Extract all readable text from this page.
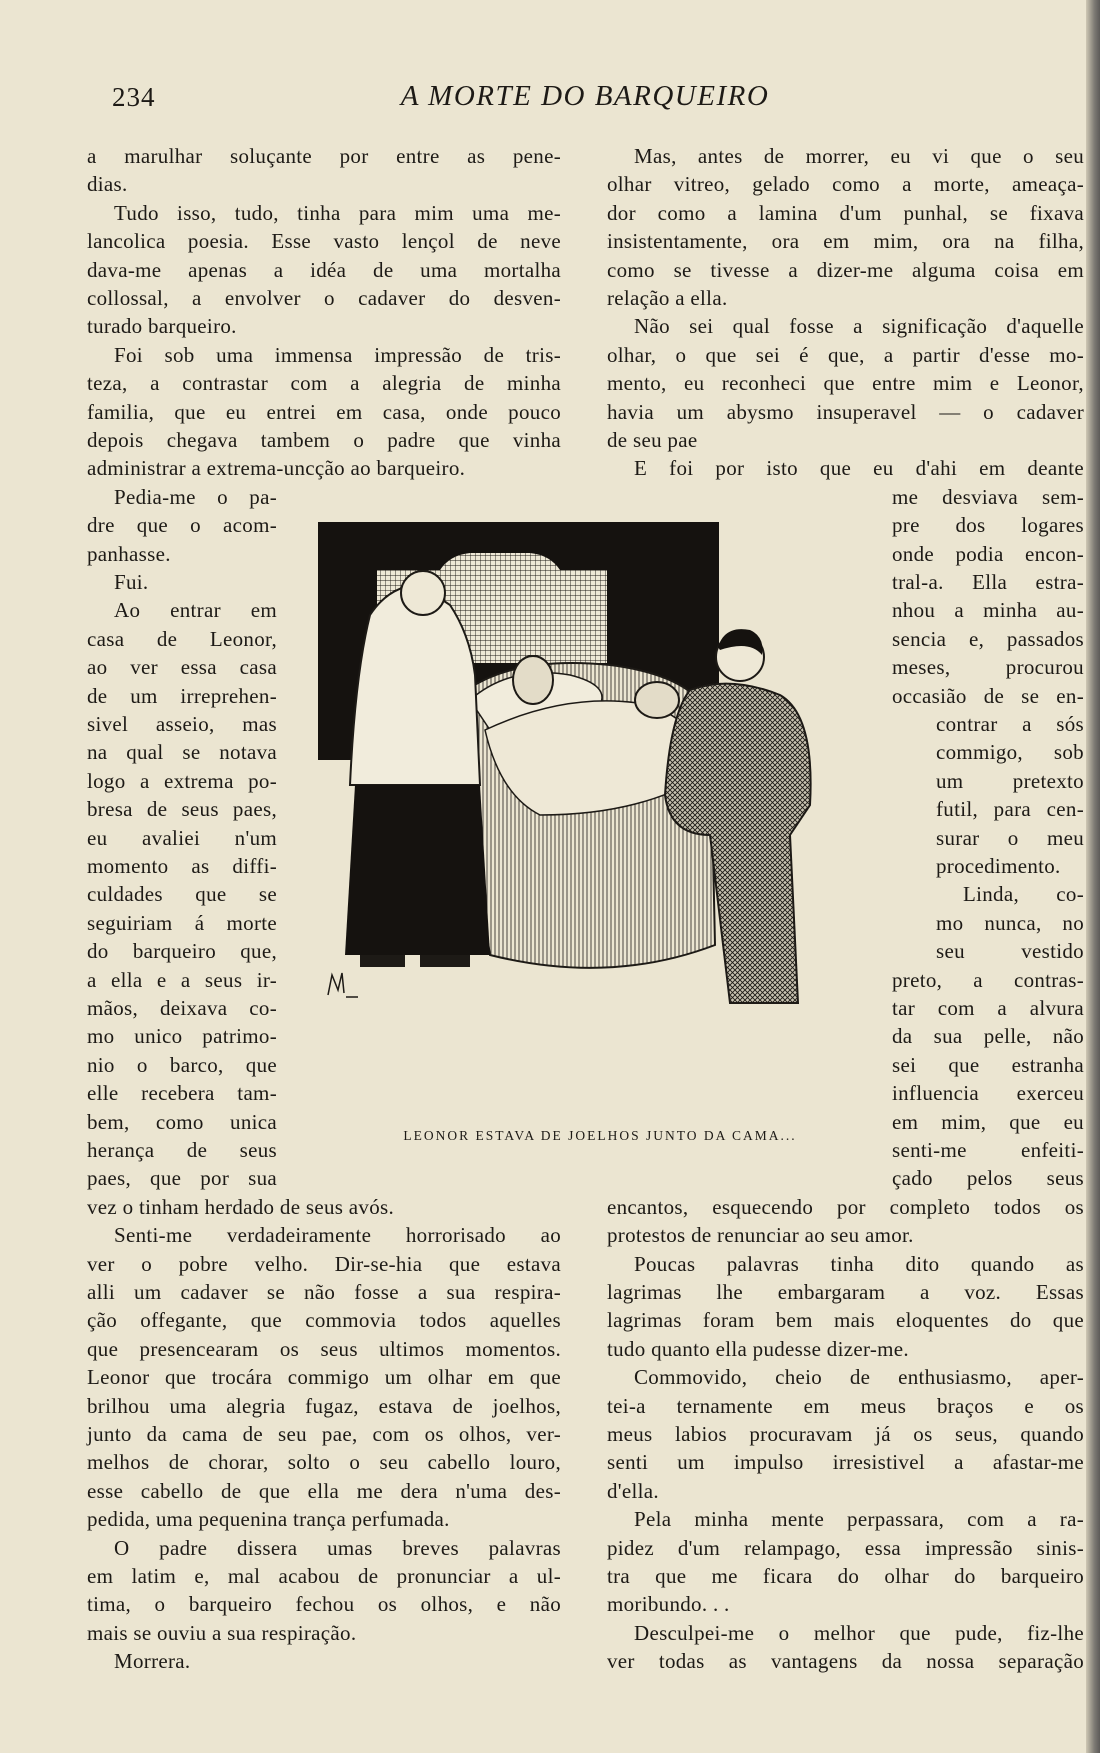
234	A MORTE DO BARQUEIRO
a marulhar soluçante por entre as pene-
dias.
Tudo isso, tudo, tinha para mim uma me-
lancolica poesia. Esse vasto lençol de neve
dava-me apenas a idéa de uma mortalha
collossal, a envolver o cadaver do desven-
turado barqueiro.
Foi sob uma immensa impressão de tris-
teza, a contrastar com a alegria de minha
familia, que eu entrei em casa, onde pouco
depois chegava tambem o padre que vinha
administrar a extrema-uncção ao barqueiro.
Pedia-me o pa-
dre que o acom-
panhasse.
Fui.
Ao entrar em
casa de Leonor,
ao ver essa casa
de um irreprehen-
sivel asseio, mas
na qual se notava
logo a extrema po-
bresa de seus paes,
eu avaliei n'um
momento as diffi-
culdades que se
seguiriam á morte
do barqueiro que,
a ella e a seus ir-
mãos, deixava co-
mo unico patrimo-
nio o barco, que
elle recebera tam-
bem, como unica
herança de seus
paes, que por sua
vez o tinham herdado de seus avós.
Senti-me verdadeiramente horrorisado ao
ver o pobre velho. Dir-se-hia que estava
alli um cadaver se não fosse a sua respira-
ção offegante, que commovia todos aquelles
que presencearam os seus ultimos momentos.
Leonor que trocára commigo um olhar em que
brilhou uma alegria fugaz, estava de joelhos,
junto da cama de seu pae, com os olhos, ver-
melhos de chorar, solto o seu cabello louro,
esse cabello de que ella me dera n'uma des-
pedida, uma pequenina trança perfumada.
O padre dissera umas breves palavras
em latim e, mal acabou de pronunciar a ul-
tima, o barqueiro fechou os olhos, e não
mais se ouviu a sua respiração.
Morrera.
Mas, antes de morrer, eu vi que o seu
olhar vitreo, gelado como a morte, ameaça-
dor como a lamina d'um punhal, se fixava
insistentamente, ora em mim, ora na filha,
como se tivesse a dizer-me alguma coisa em
relação a ella.
Não sei qual fosse a significação d'aquelle
olhar, o que sei é que, a partir d'esse mo-
mento, eu reconheci que entre mim e Leonor,
havia um abysmo insuperavel — o cadaver
de seu pae
E foi por isto que eu d'ahi em deante
me desviava sem-
pre dos logares
onde podia encon-
tral-a. Ella estra-
nhou a minha au-
sencia e, passados
meses, procurou
occasião de se en-
contrar a sós
commigo, sob
um pretexto
futil, para cen-
surar o meu
procedimento.
Linda, co-
mo nunca, no
seu vestido
preto, a contras-
tar com a alvura
da sua pelle, não
sei que estranha
influencia exerceu
em mim, que eu
senti-me enfeiti-
çado pelos seus
encantos, esquecendo por completo todos os
protestos de renunciar ao seu amor.
Poucas palavras tinha dito quando as
lagrimas lhe embargaram a voz. Essas
lagrimas foram bem mais eloquentes do que
tudo quanto ella pudesse dizer-me.
Commovido, cheio de enthusiasmo, aper-
tei-a ternamente em meus braços e os
meus labios procuravam já os seus, quando
senti um impulso irresistivel a afastar-me
d'ella.
Pela minha mente perpassara, com a ra-
pidez d'um relampago, essa impressão sinis-
tra que me ficara do olhar do barqueiro
moribundo. . .
Desculpei-me o melhor que pude, fiz-lhe
ver todas as vantagens da nossa separação
LEONOR ESTAVA DE JOELHOS JUNTO DA CAMA...
